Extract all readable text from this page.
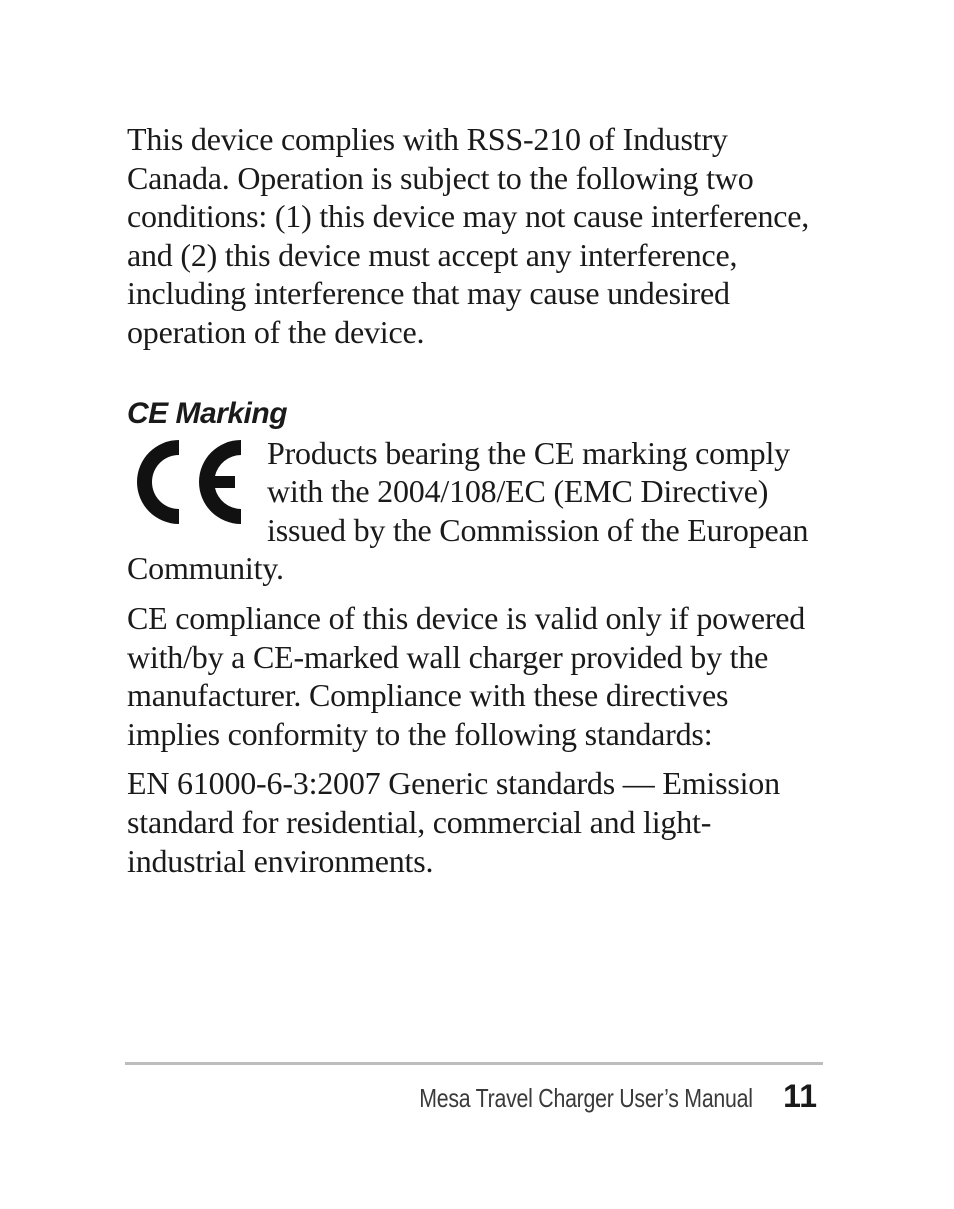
This device complies with RSS-210 of Industry Canada. Operation is subject to the following two conditions: (1) this device may not cause interference, and (2) this device must accept any interference, including interference that may cause undesired operation of the device.

CE Marking
Products bearing the CE marking comply with the 2004/108/EC (EMC Directive) issued by the Commission of the European Community.

CE compliance of this device is valid only if powered with/by a CE-marked wall charger provided by the manufacturer. Compliance with these directives implies conformity to the following standards:

EN 61000-6-3:2007 Generic standards — Emission standard for residential, commercial and light-industrial environments.

Mesa Travel Charger User’s Manual 11
